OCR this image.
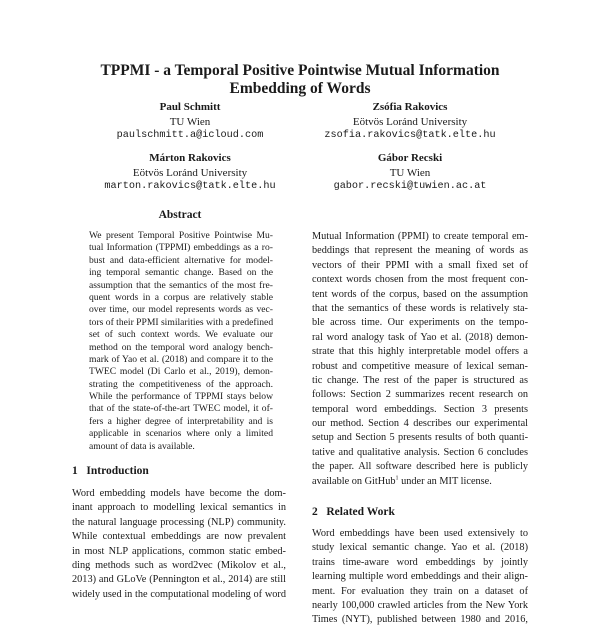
TPPMI - a Temporal Positive Pointwise Mutual Information
Embedding of Words
Paul Schmitt
TU Wien
paulschmitt.a@icloud.com
Zsófia Rakovics
Eötvös Loránd University
zsofia.rakovics@tatk.elte.hu
Márton Rakovics
Eötvös Loránd University
marton.rakovics@tatk.elte.hu
Gábor Recski
TU Wien
gabor.recski@tuwien.ac.at
Abstract
We present Temporal Positive Pointwise Mu-
tual Information (TPPMI) embeddings as a ro-
bust and data-efficient alternative for model-
ing temporal semantic change. Based on the
assumption that the semantics of the most fre-
quent words in a corpus are relatively stable
over time, our model represents words as vec-
tors of their PPMI similarities with a predefined
set of such context words. We evaluate our
method on the temporal word analogy bench-
mark of Yao et al. (2018) and compare it to the
TWEC model (Di Carlo et al., 2019), demon-
strating the competitiveness of the approach.
While the performance of TPPMI stays below
that of the state-of-the-art TWEC model, it of-
fers a higher degree of interpretability and is
applicable in scenarios where only a limited
amount of data is available.
1   Introduction
Word embedding models have become the dom-
inant approach to modelling lexical semantics in
the natural language processing (NLP) community.
While contextual embeddings are now prevalent
in most NLP applications, common static embed-
ding methods such as word2vec (Mikolov et al.,
2013) and GLoVe (Pennington et al., 2014) are still
widely used in the computational modeling of word
Mutual Information (PPMI) to create temporal em-
beddings that represent the meaning of words as
vectors of their PPMI with a small fixed set of
context words chosen from the most frequent con-
tent words of the corpus, based on the assumption
that the semantics of these words is relatively sta-
ble across time. Our experiments on the tempo-
ral word analogy task of Yao et al. (2018) demon-
strate that this highly interpretable model offers a
robust and competitive measure of lexical seman-
tic change. The rest of the paper is structured as
follows: Section 2 summarizes recent research on
temporal word embeddings. Section 3 presents
our method. Section 4 describes our experimental
setup and Section 5 presents results of both quanti-
tative and qualitative analysis. Section 6 concludes
the paper. All software described here is publicly
available on GitHub$^1$ under an MIT license.
2   Related Work
Word embeddings have been used extensively to
study lexical semantic change. Yao et al. (2018)
trains time-aware word embeddings by jointly
learning multiple word embeddings and their align-
ment. For evaluation they train on a dataset of
nearly 100,000 crawled articles from the New York
Times (NYT), published between 1980 and 2016,
